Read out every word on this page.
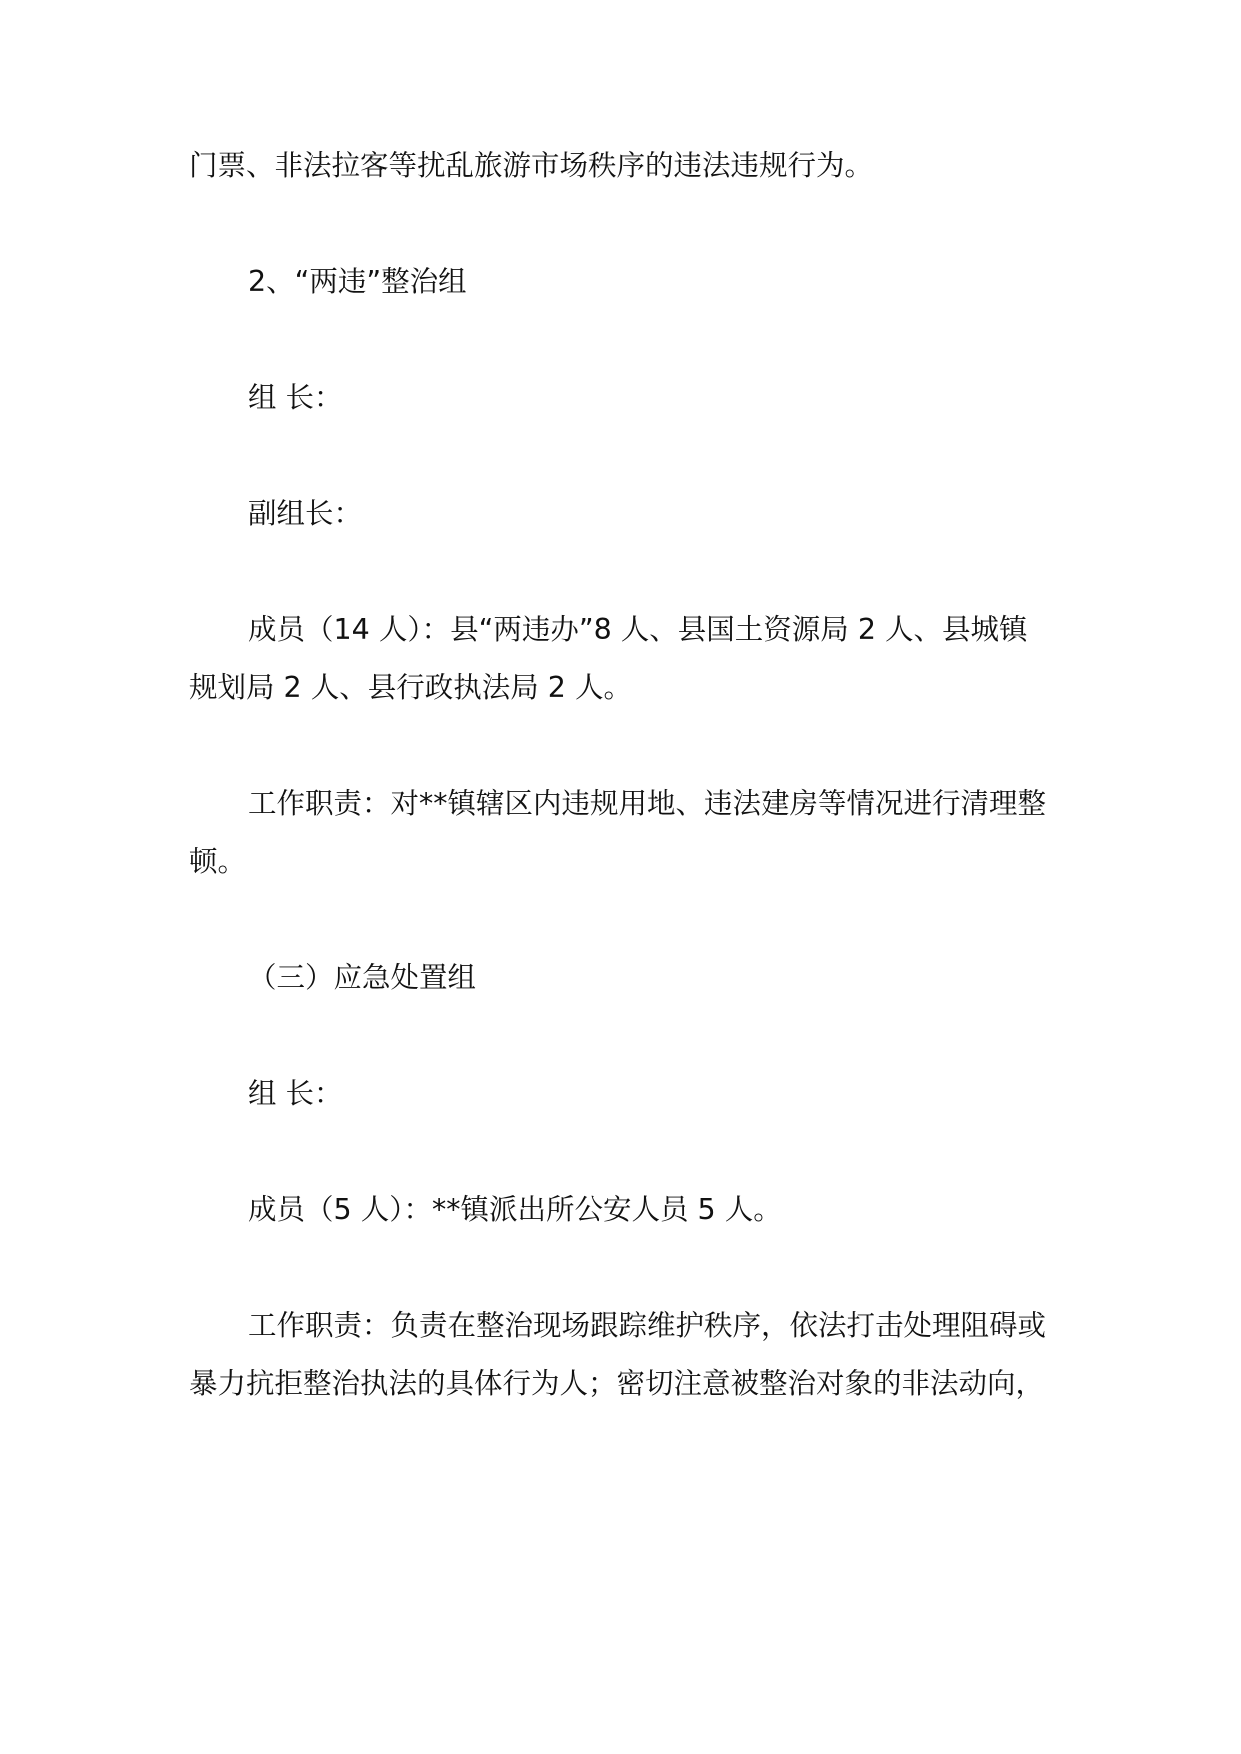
门票、非法拉客等扰乱旅游市场秩序的违法违规行为。
2、“两违”整治组
组 长：
副组长：
成员（14 人）：县“两违办”8 人、县国土资源局 2 人、县城镇
规划局 2 人、县行政执法局 2 人。
工作职责：对**镇辖区内违规用地、违法建房等情况进行清理整
顿。
（三）应急处置组
组 长：
成员（5 人）：**镇派出所公安人员 5 人。
工作职责：负责在整治现场跟踪维护秩序，依法打击处理阻碍或
暴力抗拒整治执法的具体行为人；密切注意被整治对象的非法动向，
